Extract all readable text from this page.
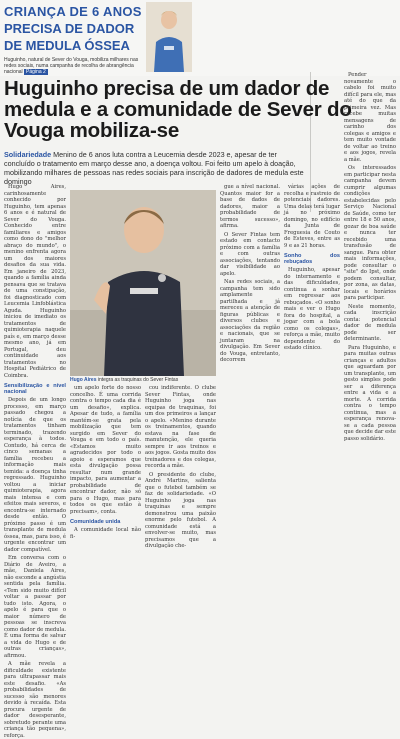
CRIANÇA DE 6 ANOS
PRECISA DE DADOR
DE MEDULA ÓSSEA
Huguinho, natural de Sever do Vouga, mobiliza milhares nas redes sociais, numa campanha de recolha de abrangência nacional Página 2
Huguinho precisa de um dador de medula e a comunidade de Sever do Vouga mobiliza-se
Solidariedade Menino de 6 anos luta contra a Leucemia desde 2023 e, apesar de ter concluído o tratamento em março desse ano, a doença voltou. Foi feito um apelo à doação, mobilizando milhares de pessoas nas redes sociais para inscrição de dadores de medula este domingo

Hugo Aires, carinhosamente conhecido por Huguinho, tem apenas 6 anos e é natural de Sever do Vouga. Conhecido entre familiares e amigos como dono do "melhor abraço do mundo", o menino enfrenta agora um dos maiores desafios da sua vida. Em janeiro de 2023, quando a família ainda pensava que se tratava de uma constipação, foi diagnosticado com Leucemia Linfoblástica Aguda. Huguinho iniciou de imediato os tratamentos de quimioterapia naquele país e, em março desse mesmo ano, já em Portugal, deu continuidade aos tratamentos no Hospital Pediátrico de Coimbra.

Sensibilização e nível nacional

Depois de um longo processo, em março passado chegou a notícia de que os tratamentos tinham terminado, trazendo esperança à todos. Contudo, há cerca de cinco semanas a família recebeu a informação mais temida: a doença tinha regressado. Huguinho voltou a iniciar quimioterapia, agora mais intensa e com efeitos mais severos, e encontra-se internado desde então. O próximo passo é um transplante de medula óssea, mas, para isso, é urgente encontrar um dador compatível.

Em conversa com o Diário de Aveiro, a mãe, Daniela Aires, não esconde a angústia sentida pela família. «Tem sido muito difícil voltar a passar por tudo isto. Agora, o apelo é para que o maior número de pessoas se inscreva como dador de medula. É uma forma de salvar a vida do Hugo e de outras crianças», afirmou.

A mãe revela a dificuldade existente para ultrapassar mais este desafio. «As probabilidades de sucesso são menores devido à recaída. Esta procura urgente de dador desesperante, sobretudo perante uma criança tão pequena», reforça.

Hugo Aires integra as traquinas do Sever Fintas

um apelo forte do nosso concelho. É uma corrida contra o tempo cada dia é um desafio», explica. Apesar de tudo, a família mantém-se grata pela mobilização que tem surgido em Sever do Vouga e em todo o país. «Estamos muito agradecidos por todo o apoio e esperamos que esta divulgação possa resultar num grande impacto, para aumentar a probabilidade de encontrar dador, não só para o Hugo, mas para todos os que estão à precisam», conta.

Comunidade unida

A comunidade local não fi-

cou indiferente. O clube Sever Fintas, onde Huguinho joga nas equipas de traquinas, foi um dos primeiros a lançar o apelo. «Menino durante os treinamentos, quando estava na fase de manutenção, ele queria sempre ir aos treinos e aos jogos. Gosta muito dos treinadores e dos colegas, recorda a mãe.

O presidente do clube, André Martins, salienta que o futebol também se faz de solidariedade. «O Huguinho joga nas traquinas e sempre demonstrou uma paixão enorme pelo futebol. A comunidade está a envolver-se muito, mas precisamos que a divulgação che-

gue a nível nacional. Quantos maior for a base de dados de dadores, maior a probabilidade de termos sucesso», afirma.

O Sever Fintas tem estado em contacto próximo com a família e com outras associações, tentando dar visibilidade ao apelo.

Nas redes sociais, a campanha tem sido amplamente partilhada e já mereceu a atenção de figuras públicas e diversos clubes e associações da região e nacionais, que se juntaram na divulgação. Em Sever do Vouga, entretanto, decorrem

várias ações de recolha e rastreio de potenciais dadores. Uma delas terá lugar já no próximo domingo, no edifício da Junta de Freguesia de Couto de Esteves, entre as 9 e as 21 horas.

Sonho dos rebuçados

Huguinho, apesar do internamento e das dificuldades, continua a sonhar em regressar aos rebuçados. «O sonho mais e ver o Hugo fora do hospital, a jogar com a bola como os colegas», reforça a mãe, muito dependente do estado clínico.

Pender novamente o cabelo foi muito difícil para ele, mas até do que da primeira vez. Mas recebe muitas mensagens de carinho dos colegas e amigos e tem muito vontade de voltar ao treino e aos jogos, revela a mãe.

Os interessados em participar nesta campanha devem cumprir algumas condições estabelecidas pelo Serviço Nacional de Saúde, como ter entre 18 e 50 anos, gozar de boa saúde e nunca ter recebido uma transfusão de sangue. Para obter mais informações, pode consultar o "site" do Ipst, onde podem consultar, por zona, as datas, locais e horários para participar.

Neste momento, cada inscrição conta: potencial dador de medula pode ser determinante.

Para Huguinho, e para muitas outras crianças e adultos que aguardam por um transplante, um gesto simples pode ser a diferença entre a vida e a morte. A corrida contra o tempo continua, mas a esperança renova-se a cada pessoa que decide dar este passo solidário.
